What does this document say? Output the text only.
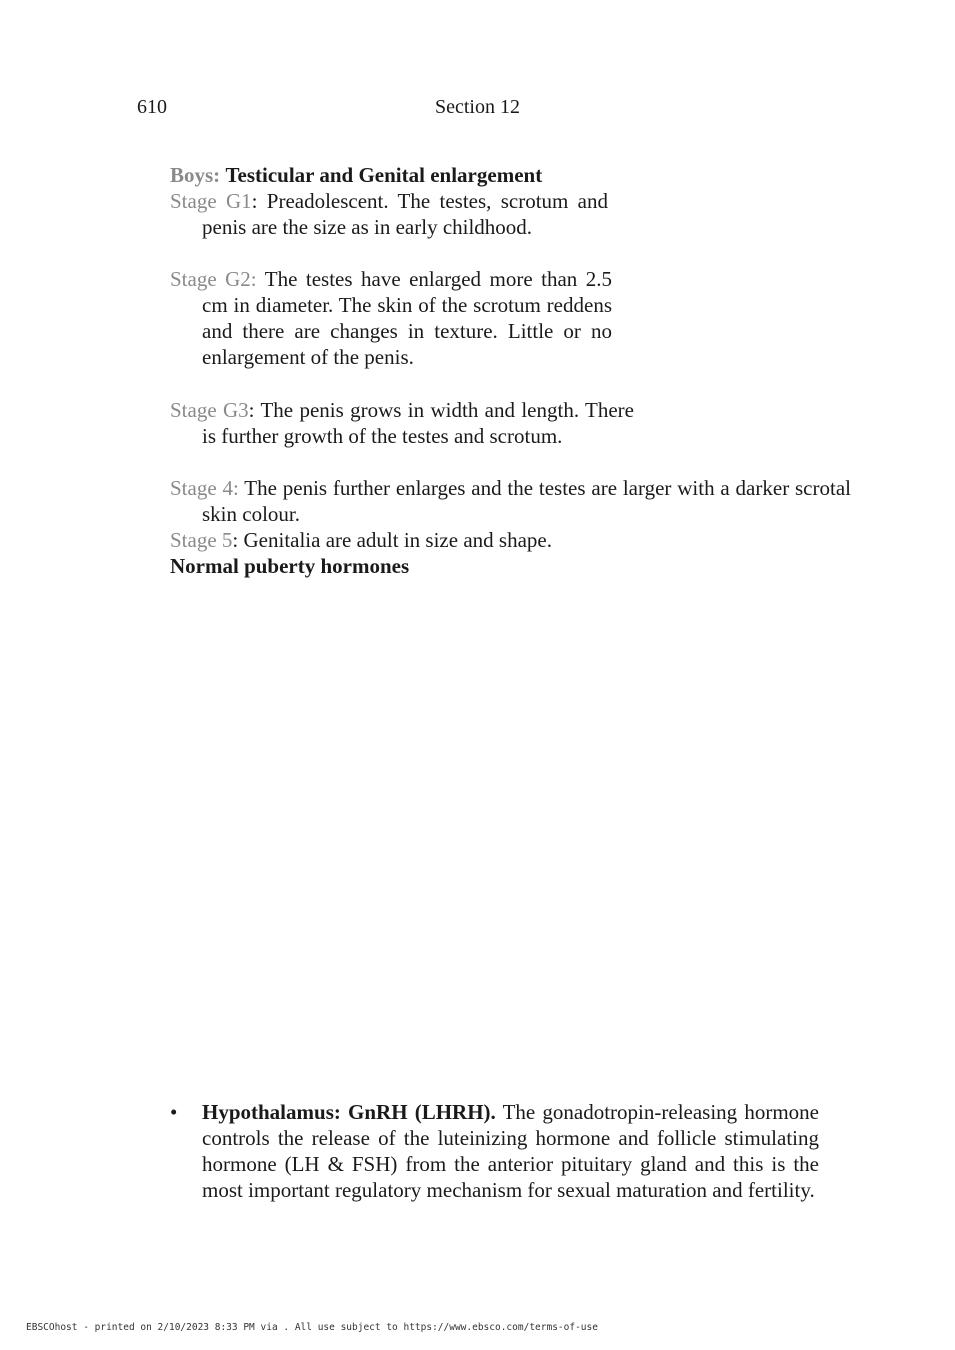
610	Section 12
Boys: Testicular and Genital enlargement
Stage G1: Preadolescent. The testes, scrotum and penis are the size as in early childhood.
Stage G2: The testes have enlarged more than 2.5 cm in diameter. The skin of the scrotum reddens and there are changes in texture. Little or no enlargement of the penis.
Stage G3: The penis grows in width and length. There is further growth of the testes and scrotum.
Stage 4: The penis further enlarges and the testes are larger with a darker scrotal skin colour.
Stage 5: Genitalia are adult in size and shape.
Normal puberty hormones
• Hypothalamus: GnRH (LHRH). The gonadotropin-releasing hormone controls the release of the luteinizing hormone and follicle stimulating hormone (LH & FSH) from the anterior pituitary gland and this is the most important regulatory mechanism for sexual maturation and fertility.
EBSCOhost - printed on 2/10/2023 8:33 PM via . All use subject to https://www.ebsco.com/terms-of-use
